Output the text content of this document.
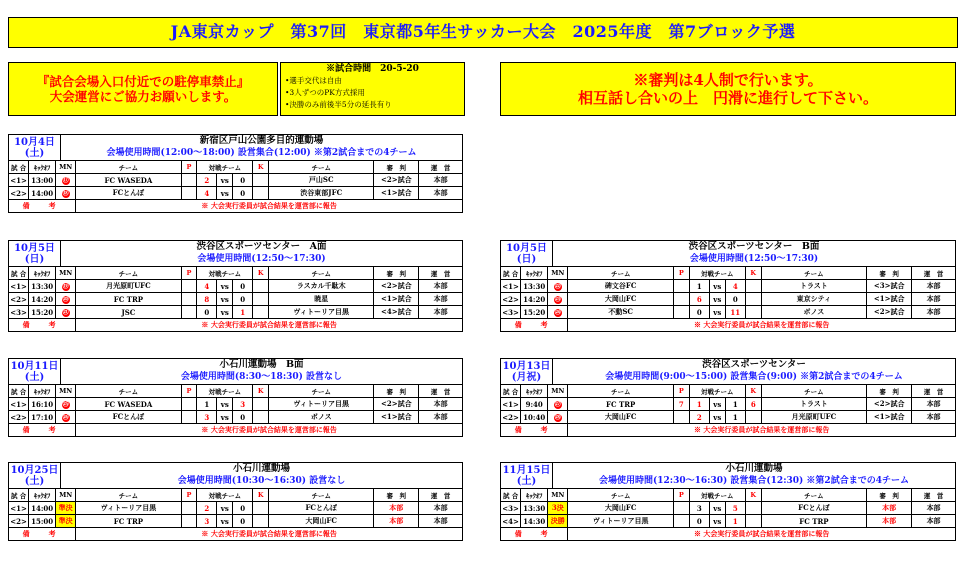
JA東京カップ　第37回　東京都5年生サッカー大会　2025年度　第7ブロック予選
『試合会場入口付近での駐停車禁止』
大会運営にご協力お願いします。
※試合時間　20-5-20
•選手交代は自由
•3人ずつのPK方式採用
•決勝のみ前後半5分の延長有り
※審判は4人制で行います。
相互話し合いの上　円滑に進行して下さい。
10月4日
(土)
新宿区戸山公園多目的運動場
会場使用時間(12:00～18:00) 設営集合(12:00) ※第2試合までの4チーム
試 合	ｷｯｸｵﾌ	MN	チーム	P	対戦チーム			K	チーム	審　判	運　営
<1>	13:00	⑰	FC WASEDA		2	vs	0		戸山SC	<2>試合	本部
<2>	14:00	⑱	FCとんぼ		4	vs	0		渋谷東部JFC	<1>試合	本部
備　考			※ 大会実行委員が試合結果を運営部に報告								
10月5日
(日)
渋谷区スポーツセンター　A面
会場使用時間(12:50～17:30)
試 合	ｷｯｸｵﾌ	MN	チーム	P	対戦チーム			K	チーム	審　判	運　営
<1>	13:30	⑲	月光原町UFC		4	vs	0		ラスカル千駄木	<2>試合	本部
<2>	14:20	⑳	FC TRP		8	vs	0		暁星	<1>試合	本部
<3>	15:20	㉑	JSC		0	vs	1		ヴィトーリア目黒	<4>試合	本部
備　考			※ 大会実行委員が試合結果を運営部に報告								
10月5日
(日)
渋谷区スポーツセンター　B面
会場使用時間(12:50～17:30)
試 合	ｷｯｸｵﾌ	MN	チーム	P	対戦チーム			K	チーム	審　判	運　営
<1>	13:30	㉒	碑文谷FC		1	vs	4		トラスト	<3>試合	本部
<2>	14:20	㉓	大岡山FC		6	vs	0		東京シティ	<1>試合	本部
<3>	15:20	㉔	不動SC		0	vs	11		ボノス	<2>試合	本部
備　考			※ 大会実行委員が試合結果を運営部に報告								
10月11日
(土)
小石川運動場　B面
会場使用時間(8:30～18:30) 設営なし
試 合	ｷｯｸｵﾌ	MN	チーム	P	対戦チーム			K	チーム	審　判	運　営
<1>	16:10	㉕	FC WASEDA		1	vs	3		ヴィトーリア目黒	<2>試合	本部
<2>	17:10	㉖	FCとんぼ		3	vs	0		ボノス	<1>試合	本部
備　考			※ 大会実行委員が試合結果を運営部に報告								
10月13日
(月祝)
渋谷区スポーツセンター
会場使用時間(9:00～15:00) 設営集合(9:00) ※第2試合までの4チーム
試 合	ｷｯｸｵﾌ	MN	チーム	P	対戦チーム			K	チーム	審　判	運　営
<1>	9:40	㉗	FC TRP	7	1	vs	1	6	トラスト	<2>試合	本部
<2>	10:40	㉘	大岡山FC		2	vs	1		月光原町UFC	<1>試合	本部
備　考			※ 大会実行委員が試合結果を運営部に報告								
10月25日
(土)
小石川運動場
会場使用時間(10:30～16:30) 設営なし
試 合	ｷｯｸｵﾌ	MN	チーム	P	対戦チーム			K	チーム	審　判	運　営
<1>	14:00	準決	ヴィトーリア目黒		2	vs	0		FCとんぼ	本部	本部
<2>	15:00	準決	FC TRP		3	vs	0		大岡山FC	本部	本部
備　考			※ 大会実行委員が試合結果を運営部に報告								
11月15日
(土)
小石川運動場
会場使用時間(12:30～16:30) 設営集合(12:30) ※第2試合までの4チーム
試 合	ｷｯｸｵﾌ	MN	チーム	P	対戦チーム			K	チーム	審　判	運　営
<3>	13:30	3決	大岡山FC		3	vs	5		FCとんぼ	本部	本部
<4>	14:30	決勝	ヴィトーリア目黒		0	vs	1		FC TRP	本部	本部
備　考			※ 大会実行委員が試合結果を運営部に報告								
